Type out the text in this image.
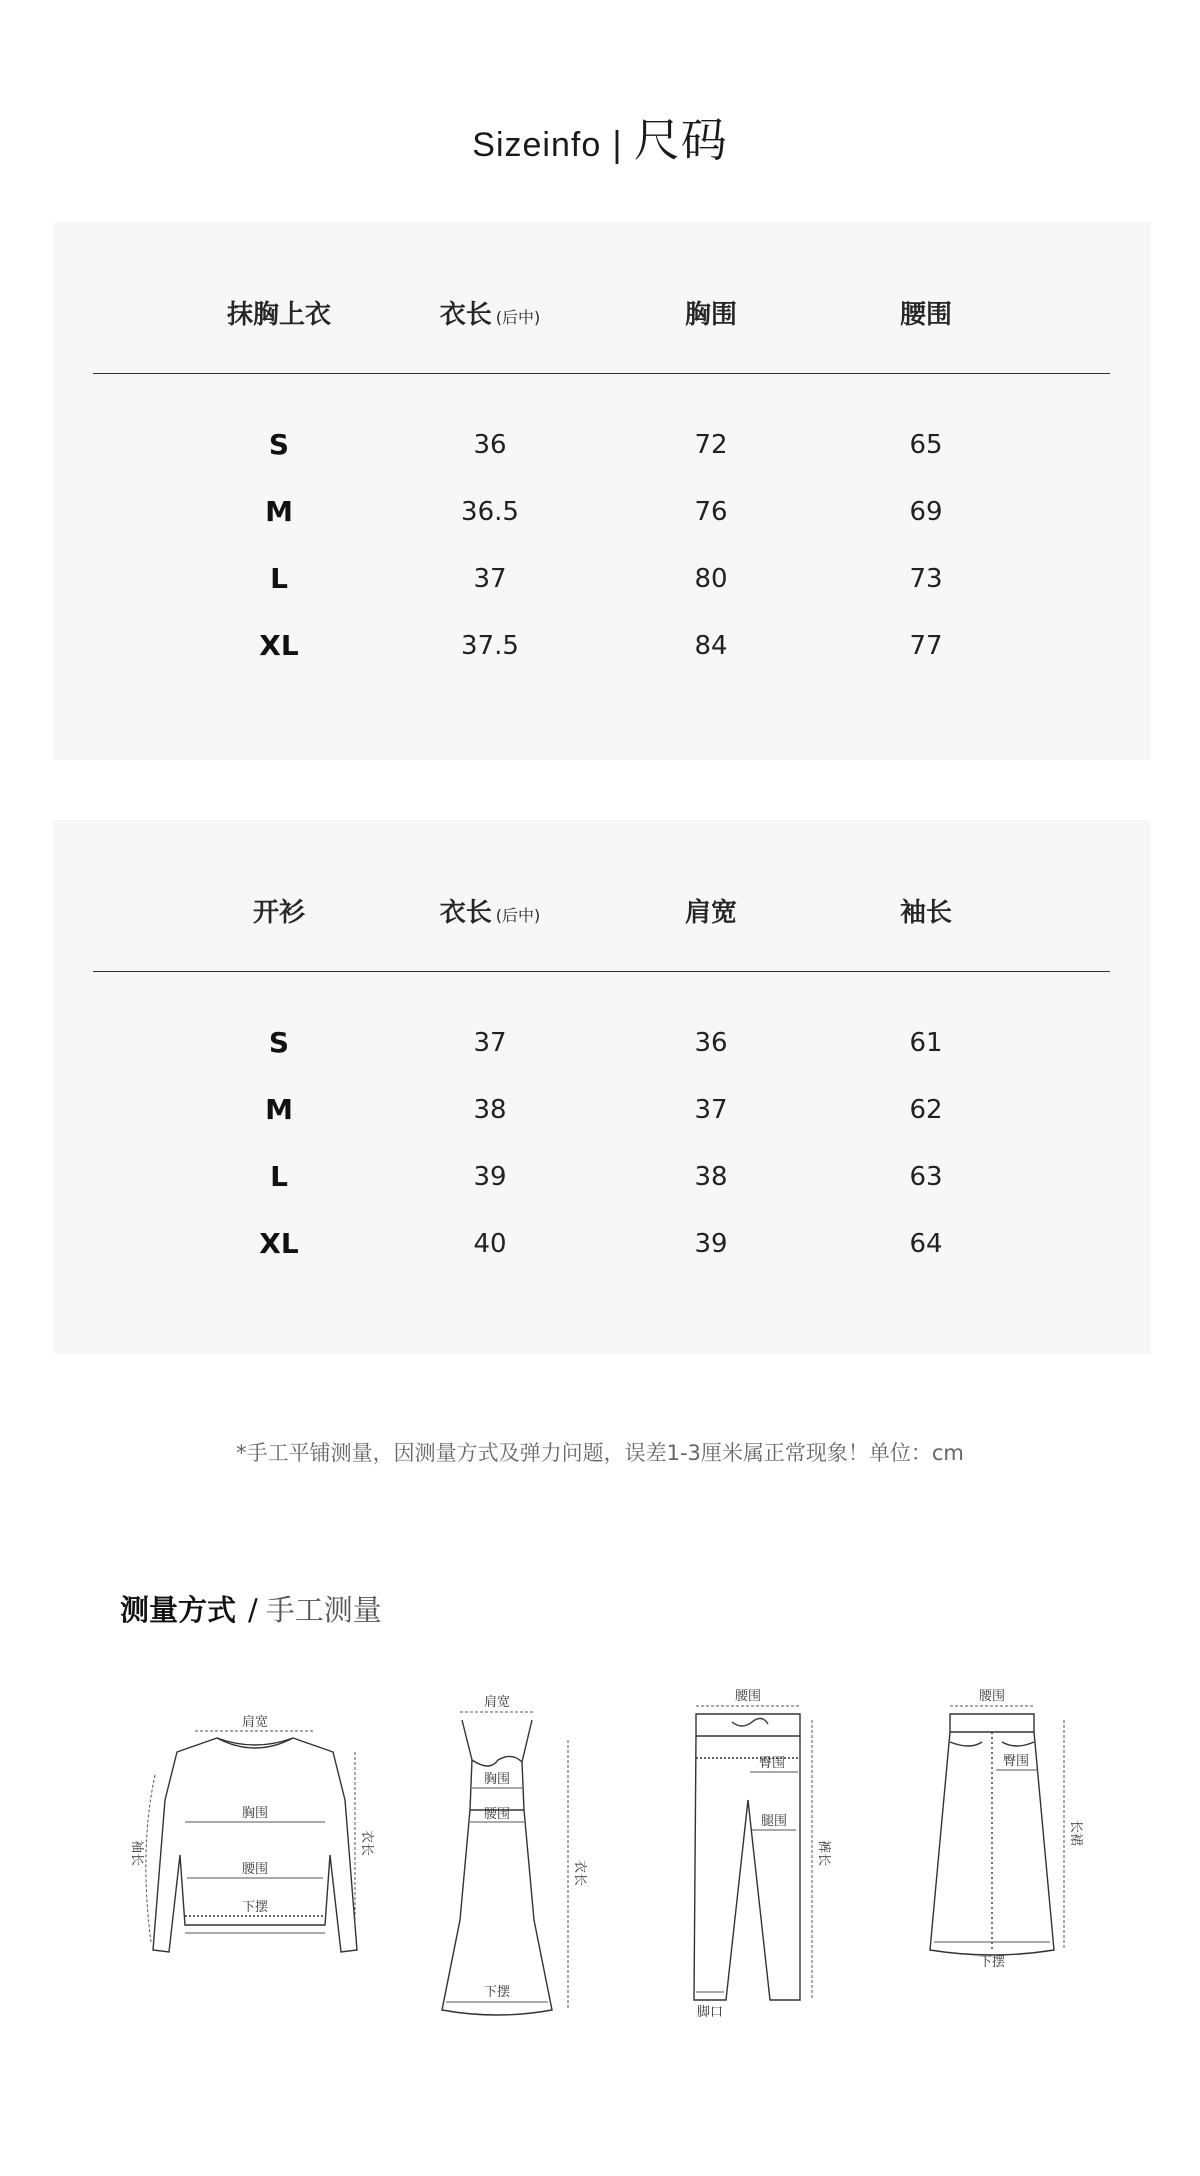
Sizeinfo | 尺码
抹胸上衣	衣长 (后中)	胸围	腰围
S	36	72	65
M	36.5	76	69
L	37	80	73
XL	37.5	84	77
开衫	衣长 (后中)	肩宽	袖长
S	37	36	61
M	38	37	62
L	39	38	63
XL	40	39	64
*手工平铺测量，因测量方式及弹力问题，误差1-3厘米属正常现象！单位：cm
测量方式 / 手工测量
肩宽
胸围
腰围
下摆
袖长	衣长
肩宽
胸围
腰围
下摆
衣长
腰围
臀围
腿围
脚口
裤长
腰围
臀围
下摆
长裙
